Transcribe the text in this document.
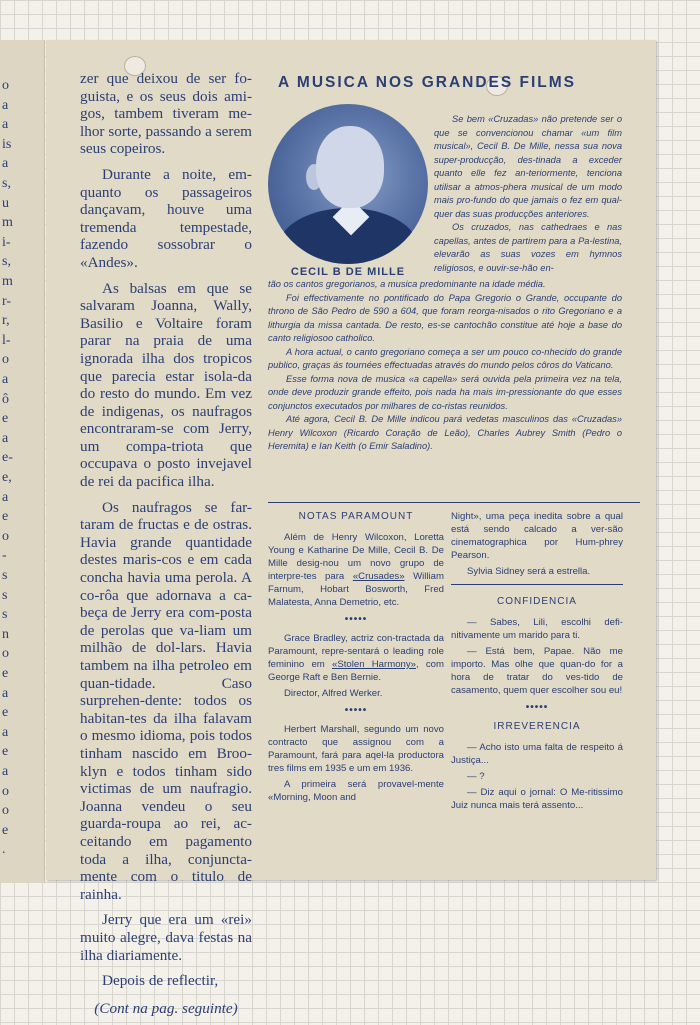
o
a
a
is
a
s,
u
m
i-
s,
m
r-
r,
l-
o
a
ô
e
a
e-
e,
a
e
o
-
s
s
s
n
o
e
a
e
a
e
a
o
o
e
.

zer que deixou de ser fo-guista, e os seus dois ami-gos, tambem tiveram me-lhor sorte, passando a serem seus copeiros.

Durante a noite, em-quanto os passageiros dançavam, houve uma tremenda tempestade, fazendo sossobrar o «Andes».

As balsas em que se salvaram Joanna, Wally, Basilio e Voltaire foram parar na praia de uma ignorada ilha dos tropicos que parecia estar isola-da do resto do mundo. Em vez de indigenas, os naufragos encontraram-se com Jerry, um compa-triota que occupava o posto invejavel de rei da pacifica ilha.

Os naufragos se far-taram de fructas e de ostras. Havia grande quantidade destes maris-cos e em cada concha havia uma perola. A co-rôa que adornava a ca-beça de Jerry era com-posta de perolas que va-liam um milhão de dol-lars. Havia tambem na ilha petroleo em quan-tidade. Caso surprehen-dente: todos os habitan-tes da ilha falavam o mesmo idioma, pois todos tinham nascido em Broo-klyn e todos tinham sido victimas de um naufragio. Joanna vendeu o seu guarda-roupa ao rei, ac-ceitando em pagamento toda a ilha, conjuncta-mente com o titulo de rainha.

Jerry que era um «rei» muito alegre, dava festas na ilha diariamente.

Depois de reflectir,

(Cont na pag. seguinte)

A MUSICA NOS GRANDES FILMS
CECIL B DE MILLE

Se bem «Cruzadas» não pretende ser o que se convencionou chamar «um film musical», Cecil B. De Mille, nessa sua nova super-producção, des-tinada a exceder quanto elle fez an-teriormente, tenciona utilisar a atmos-phera musical de um modo mais pro-fundo do que jamais o fez em qual-quer das suas producções anteriores.

Os cruzados, nas cathedraes e nas capellas, antes de partirem para a Pa-lestina, elevarão as suas vozes em hymnos religiosos, e ouvir-se-hão en-

tão os cantos gregorianos, a musica predominante na idade média.

Foi effectivamente no pontificado do Papa Gregorio o Grande, occupante do throno de São Pedro de 590 a 604, que foram reorga-nisados o rito Gregoriano e a lithurgia da missa cantada. De resto, es-se cantochão constitue até hoje a base do canto religiosoo catholico.

A hora actual, o canto gregoriano começa a ser um pouco co-nhecido do grande publico, graças ás tournées effectuadas através do mundo pelos côros do Vaticano.

Esse forma nova de musica «a capella» será ouvida pela primeira vez na tela, onde deve produzir grande effeito, pois nada ha mais im-pressionante do que esses conjunctos executados por milhares de co-ristas reunidos.

Até agora, Cecil B. De Mille indicou pará vedetas masculinos das «Cruzadas» Henry Wilcoxon (Ricardo Coração de Leão), Charles Aubrey Smith (Pedro o Heremita) e Ian Keith (o Emir Saladino).

NOTAS PARAMOUNT

Além de Henry Wilcoxon, Loretta Young e Katharine De Mille, Cecil B. De Mille desig-nou um novo grupo de interpre-tes para «Crusades» William Farnum, Hobart Bosworth, Fred Malatesta, Anna Demetrio, etc.

•••••

Grace Bradley, actriz con-tractada da Paramount, repre-sentará o leading role feminino em «Stolen Harmony», com George Raft e Ben Bernie.

Director, Alfred Werker.

•••••

Herbert Marshall, segundo um novo contracto que assignou com a Paramount, fará para aqel-la productora tres films em 1935 e um em 1936.

A primeira será provavel-mente «Morning, Moon and

Night», uma peça inedita sobre a qual está sendo calcado a ver-são cinematographica por Hum-phrey Pearson.

Sylvia Sidney será a estrella.

CONFIDENCIA

— Sabes, Lili, escolhi defi-nitivamente um marido para ti.

— Está bem, Papae. Não me importo. Mas olhe que quan-do for a hora de tratar do ves-tido de casamento, quem quer escolher sou eu!

•••••
IRREVERENCIA

— Acho isto uma falta de respeito á Justiça...

— ?

— Diz aqui o jornal: O Me-ritissimo Juiz nunca mais terá assento...
